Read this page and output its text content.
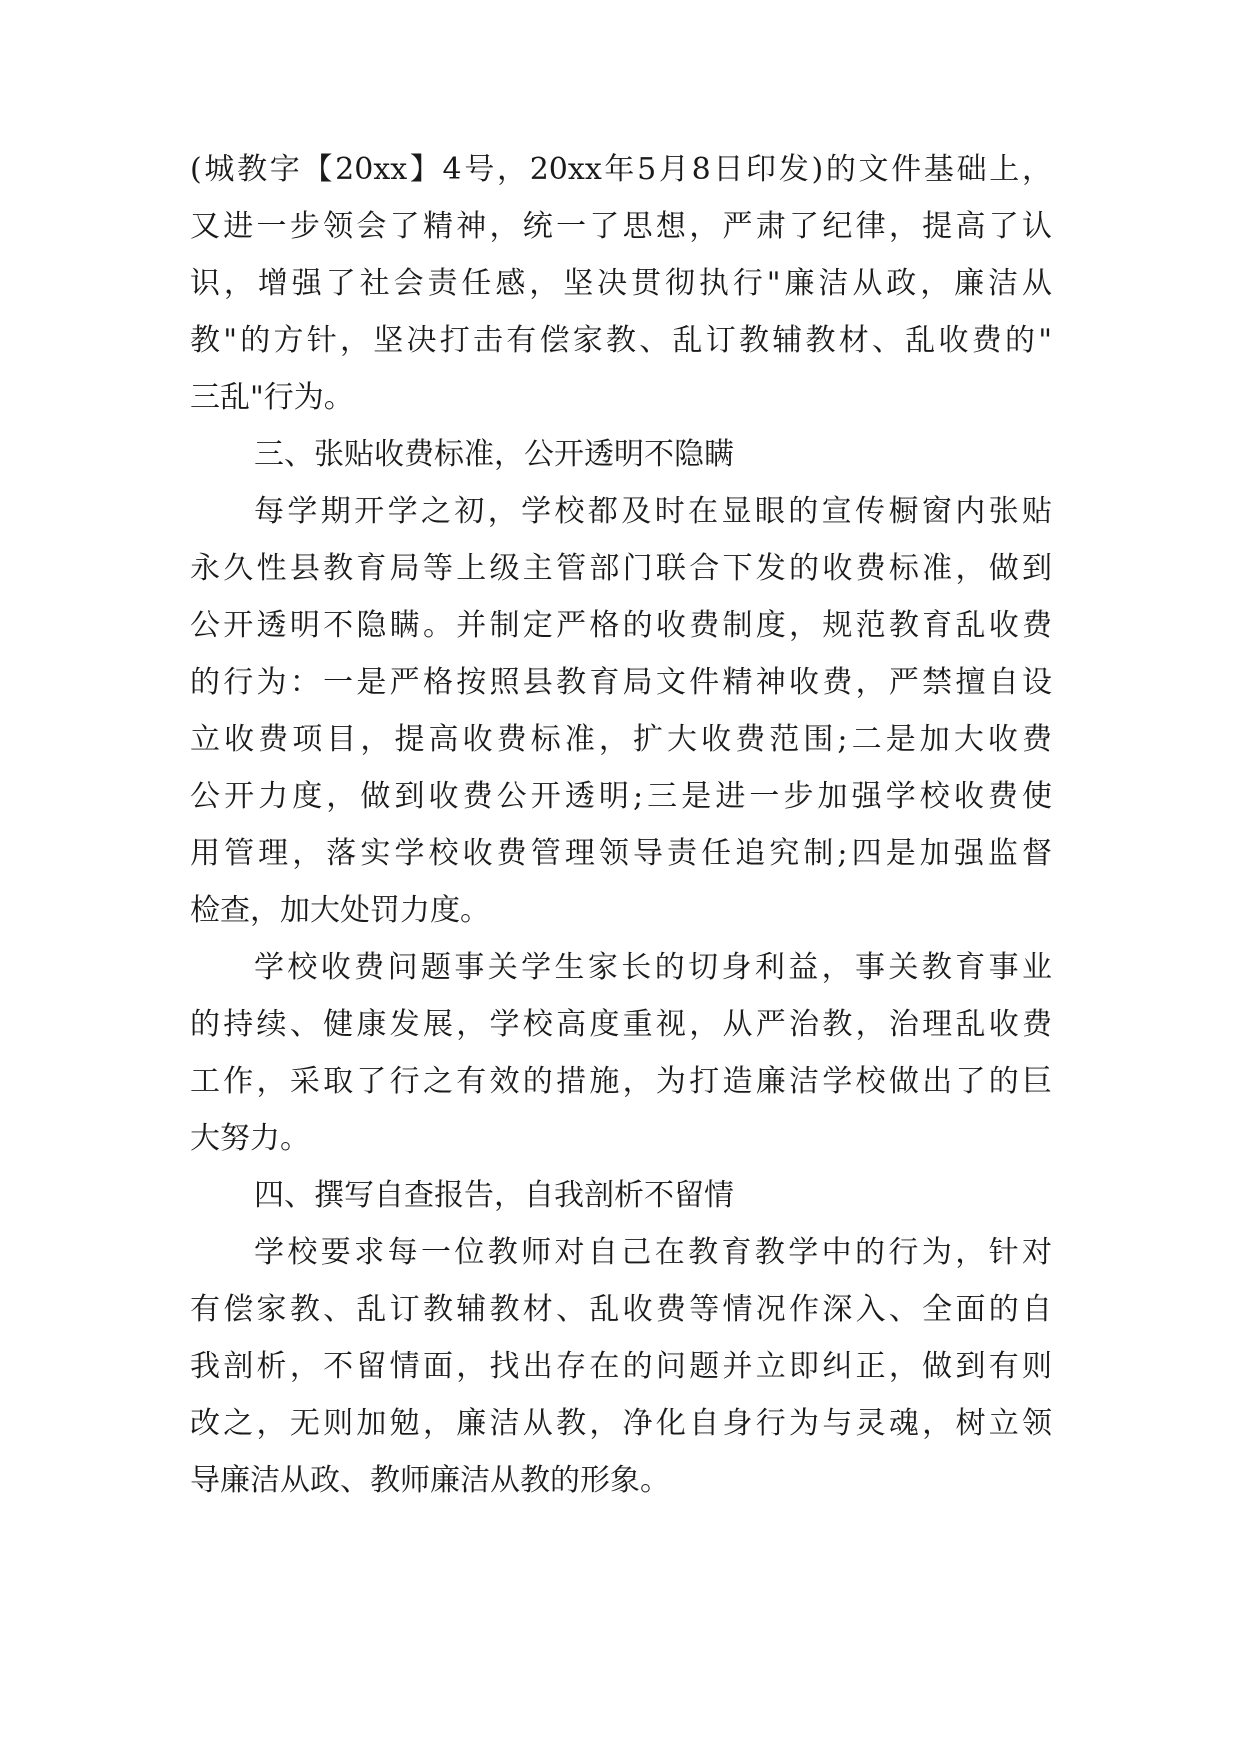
(城教字【20xx】4号，20xx年5月8日印发)的文件基础上，
又进一步领会了精神，统一了思想，严肃了纪律，提高了认
识，增强了社会责任感，坚决贯彻执行"廉洁从政，廉洁从
教"的方针，坚决打击有偿家教、乱订教辅教材、乱收费的"
三乱"行为。
三、张贴收费标准，公开透明不隐瞒
每学期开学之初，学校都及时在显眼的宣传橱窗内张贴
永久性县教育局等上级主管部门联合下发的收费标准，做到
公开透明不隐瞒。并制定严格的收费制度，规范教育乱收费
的行为：一是严格按照县教育局文件精神收费，严禁擅自设
立收费项目，提高收费标准，扩大收费范围;二是加大收费
公开力度，做到收费公开透明;三是进一步加强学校收费使
用管理，落实学校收费管理领导责任追究制;四是加强监督
检查，加大处罚力度。
学校收费问题事关学生家长的切身利益，事关教育事业
的持续、健康发展，学校高度重视，从严治教，治理乱收费
工作，采取了行之有效的措施，为打造廉洁学校做出了的巨
大努力。
四、撰写自查报告，自我剖析不留情
学校要求每一位教师对自己在教育教学中的行为，针对
有偿家教、乱订教辅教材、乱收费等情况作深入、全面的自
我剖析，不留情面，找出存在的问题并立即纠正，做到有则
改之，无则加勉，廉洁从教，净化自身行为与灵魂，树立领
导廉洁从政、教师廉洁从教的形象。
